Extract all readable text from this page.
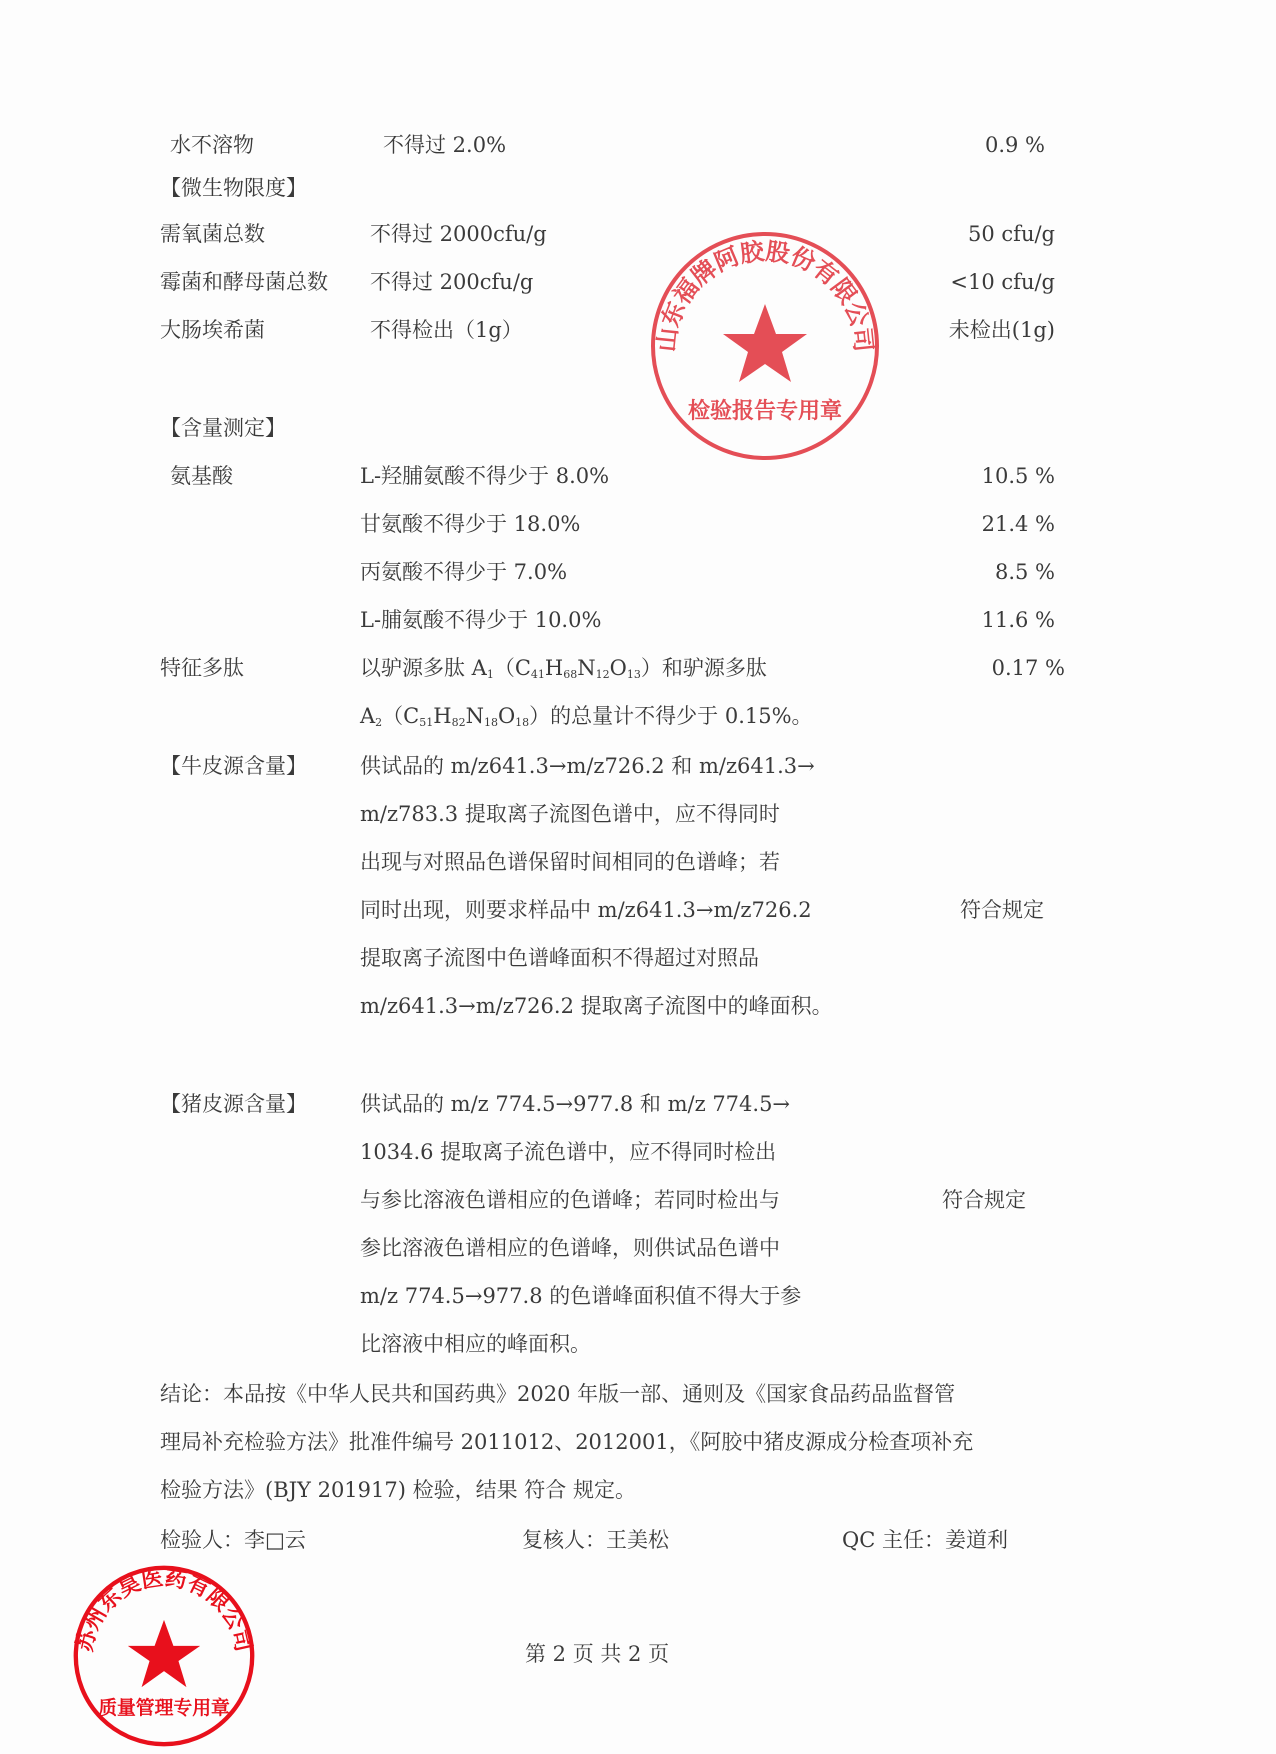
水不溶物	不得过 2.0%	0.9 %
【微生物限度】
需氧菌总数	不得过 2000cfu/g	50 cfu/g
霉菌和酵母菌总数 不得过 200cfu/g	<10 cfu/g
大肠埃希菌	不得检出（1g）	未检出(1g)
【含量测定】
氨基酸	L-羟脯氨酸不得少于 8.0%	10.5 %
甘氨酸不得少于 18.0%	21.4 %
丙氨酸不得少于 7.0%	8.5 %
L-脯氨酸不得少于 10.0%	11.6 %
特征多肽	以驴源多肽 $A_1(C_{41}H_{68}N_{12}O_{13})$和驴源多肽	0.17 %
$A_2(C_{51}H_{82}N_{18}O_{18})$的总量计不得少于 0.15%。
【牛皮源含量】	供试品的 m/z641.3→m/z726.2 和 m/z641.3→
m/z783.3 提取离子流图色谱中，应不得同时
出现与对照品色谱保留时间相同的色谱峰；若
同时出现，则要求样品中 m/z641.3→m/z726.2
提取离子流图中色谱峰面积不得超过对照品
m/z641.3→m/z726.2 提取离子流图中的峰面积。
符合规定
【猪皮源含量】	供试品的 m/z 774.5→977.8 和 m/z 774.5→
1034.6 提取离子流色谱中，应不得同时检出
与参比溶液色谱相应的色谱峰；若同时检出与
参比溶液色谱相应的色谱峰，则供试品色谱中
m/z 774.5→977.8 的色谱峰面积值不得大于参
比溶液中相应的峰面积。
符合规定
结论：本品按《中华人民共和国药典》2020 年版一部、通则及《国家食品药品监督管
理局补充检验方法》批准件编号 2011012、2012001，《阿胶中猪皮源成分检查项补充
检验方法》(BJY 201917) 检验，结果 符合 规定。
检验人：李□云	复核人：王美松	QC 主任：姜道利
第 2 页 共 2 页
山东福牌阿胶股份有限公司
检验报告专用章
苏州东昊医药有限公司
质量管理专用章
